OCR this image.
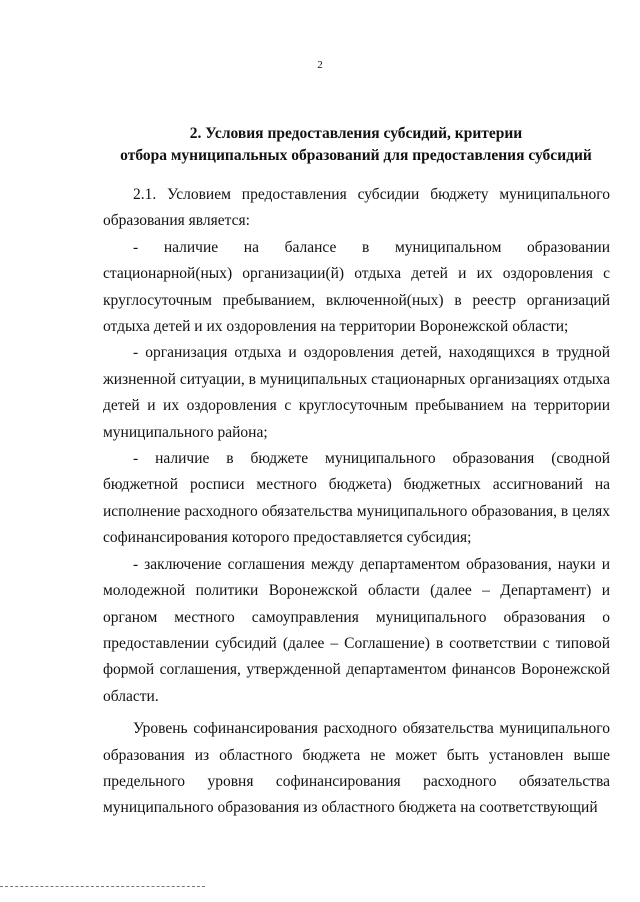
2
2. Условия предоставления субсидий, критерии
отбора муниципальных образований для предоставления субсидий

2.1. Условием предоставления субсидии бюджету муниципального образования является:

- наличие на балансе в муниципальном образовании стационарной(ных) организации(й) отдыха детей и их оздоровления с круглосуточным пребыванием, включенной(ных) в реестр организаций отдыха детей и их оздоровления на территории Воронежской области;

- организация отдыха и оздоровления детей, находящихся в трудной жизненной ситуации, в муниципальных стационарных организациях отдыха детей и их оздоровления с круглосуточным пребыванием на территории муниципального района;

- наличие в бюджете муниципального образования (сводной бюджетной росписи местного бюджета) бюджетных ассигнований на исполнение расходного обязательства муниципального образования, в целях софинансирования которого предоставляется субсидия;

- заключение соглашения между департаментом образования, науки и молодежной политики Воронежской области (далее – Департамент) и органом местного самоуправления муниципального образования о предоставлении субсидий (далее – Соглашение) в соответствии с типовой формой соглашения, утвержденной департаментом финансов Воронежской области.

Уровень софинансирования расходного обязательства муниципального образования из областного бюджета не может быть установлен выше предельного уровня софинансирования расходного обязательства муниципального образования из областного бюджета на соответствующий
